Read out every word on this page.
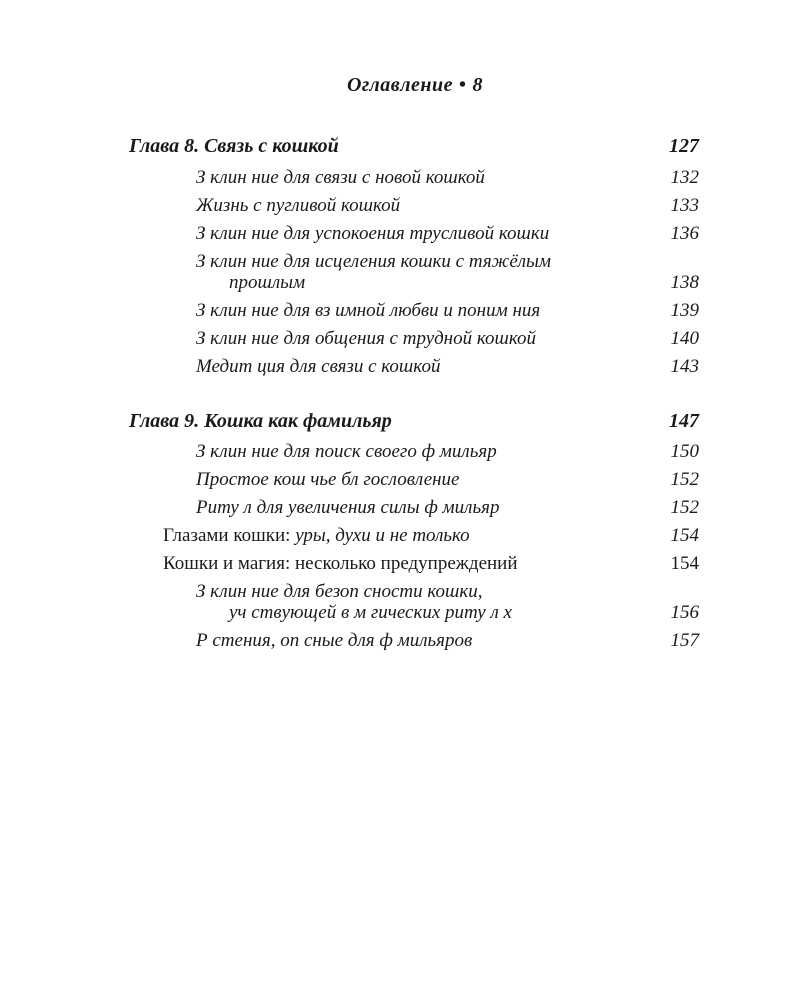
Оглавление • 8
Глава 8. Связь с кошкой	127
З клин ние для связи с новой кошкой	132
Жизнь с пугливой кошкой	133
З клин ние для успокоения трусливой кошки	136
З клин ние для исцеления кошки с тяжёлым
прошлым	138
З клин ние для вз имной любви и поним ния	139
З клин ние для общения с трудной кошкой	140
Медит ция для связи с кошкой	143
Глава 9. Кошка как фамильяр	147
З клин ние для поиск своего ф мильяр	150
Простое кош чье бл гословление	152
Риту л для увеличения силы ф мильяр	152
Глазами кошки: уры, духи и не только	154
Кошки и магия: несколько предупреждений	154
З клин ние для безоп сности кошки,
уч ствующей в м гических риту л х	156
Р стения, оп сные для ф мильяров	157
